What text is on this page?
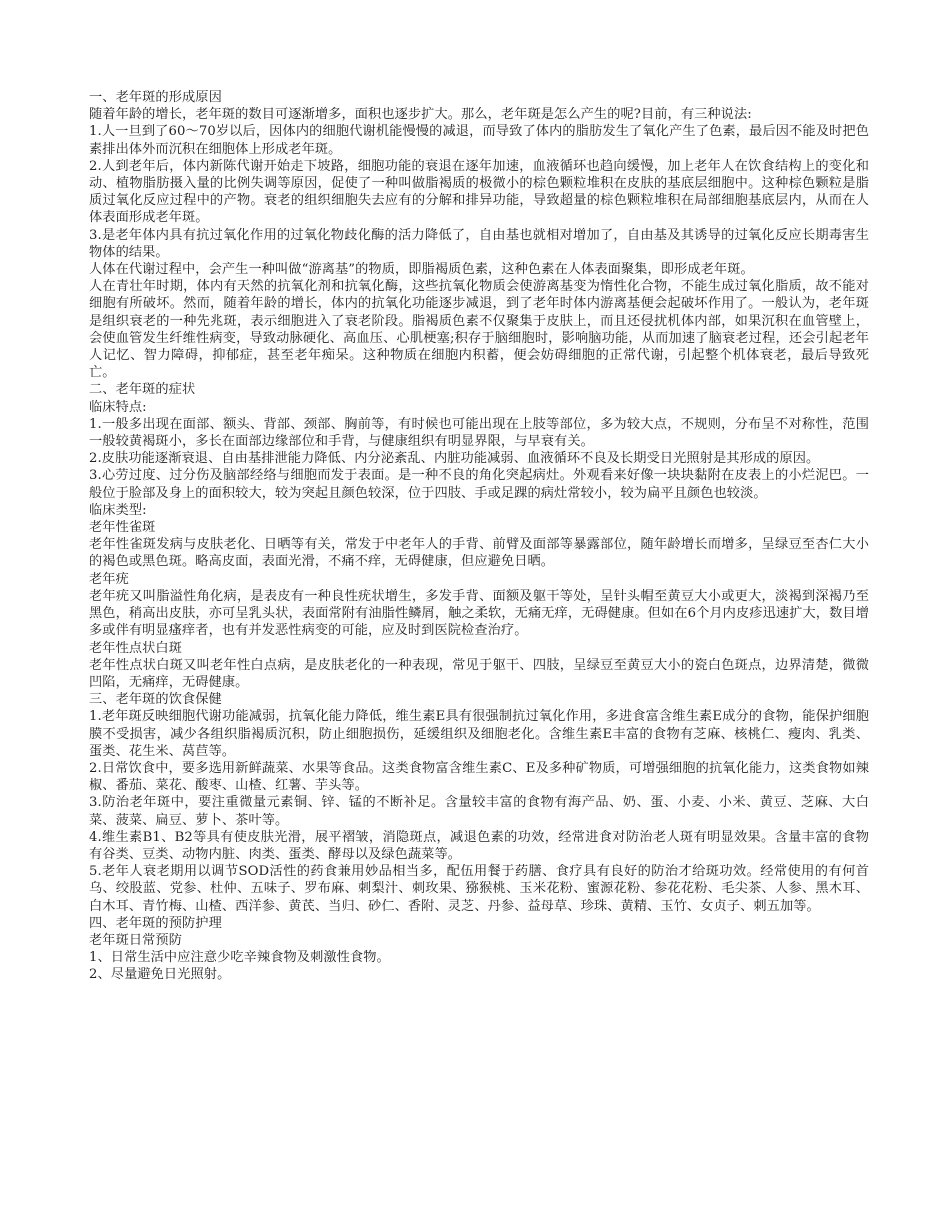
一、老年斑的形成原因

随着年龄的增长，老年斑的数目可逐渐增多，面积也逐步扩大。那么，老年斑是怎么产生的呢?目前，有三种说法:

1.人一旦到了60～70岁以后，因体内的细胞代谢机能慢慢的减退，而导致了体内的脂肪发生了氧化产生了色素，最后因不能及时把色素排出体外而沉积在细胞体上形成老年斑。

2.人到老年后，体内新陈代谢开始走下坡路，细胞功能的衰退在逐年加速，血液循环也趋向缓慢，加上老年人在饮食结构上的变化和动、植物脂肪摄入量的比例失调等原因，促使了一种叫做脂褐质的极微小的棕色颗粒堆积在皮肤的基底层细胞中。这种棕色颗粒是脂质过氧化反应过程中的产物。衰老的组织细胞失去应有的分解和排异功能，导致超量的棕色颗粒堆积在局部细胞基底层内，从而在人体表面形成老年斑。

3.是老年体内具有抗过氧化作用的过氧化物歧化酶的活力降低了，自由基也就相对增加了，自由基及其诱导的过氧化反应长期毒害生物体的结果。

人体在代谢过程中，会产生一种叫做“游离基”的物质，即脂褐质色素，这种色素在人体表面聚集，即形成老年斑。

人在青壮年时期，体内有天然的抗氧化剂和抗氧化酶，这些抗氧化物质会使游离基变为惰性化合物，不能生成过氧化脂质，故不能对细胞有所破坏。然而，随着年龄的增长，体内的抗氧化功能逐步减退，到了老年时体内游离基便会起破坏作用了。一般认为，老年斑是组织衰老的一种先兆斑，表示细胞进入了衰老阶段。脂褐质色素不仅聚集于皮肤上，而且还侵扰机体内部，如果沉积在血管壁上，会使血管发生纤维性病变，导致动脉硬化、高血压、心肌梗塞;积存于脑细胞时，影响脑功能，从而加速了脑衰老过程，还会引起老年人记忆、智力障碍，抑郁症，甚至老年痴呆。这种物质在细胞内积蓄，便会妨碍细胞的正常代谢，引起整个机体衰老，最后导致死亡。

二、老年斑的症状

临床特点:

1.一般多出现在面部、额头、背部、颈部、胸前等，有时候也可能出现在上肢等部位，多为较大点，不规则，分布呈不对称性，范围一般较黄褐斑小，多长在面部边缘部位和手背，与健康组织有明显界限，与早衰有关。

2.皮肤功能逐渐衰退、自由基排泄能力降低、内分泌紊乱、内脏功能减弱、血液循环不良及长期受日光照射是其形成的原因。

3.心劳过度、过分伤及脑部经络与细胞而发于表面。是一种不良的角化突起病灶。外观看来好像一块块黏附在皮表上的小烂泥巴。一般位于脸部及身上的面积较大，较为突起且颜色较深，位于四肢、手或足踝的病灶常较小，较为扁平且颜色也较淡。

临床类型:

老年性雀斑

老年性雀斑发病与皮肤老化、日晒等有关，常发于中老年人的手背、前臂及面部等暴露部位，随年龄增长而增多，呈绿豆至杏仁大小的褐色或黑色斑。略高皮面，表面光滑，不痛不痒，无碍健康，但应避免日晒。

老年疣

老年疣又叫脂溢性角化病，是表皮有一种良性疣状增生，多发手背、面额及躯干等处，呈针头帽至黄豆大小或更大，淡褐到深褐乃至黑色，稍高出皮肤，亦可呈乳头状，表面常附有油脂性鳞屑，触之柔软，无痛无痒，无碍健康。但如在6个月内皮疹迅速扩大，数目增多或伴有明显瘙痒者，也有并发恶性病变的可能，应及时到医院检查治疗。

老年性点状白斑

老年性点状白斑又叫老年性白点病，是皮肤老化的一种表现，常见于躯干、四肢，呈绿豆至黄豆大小的瓷白色斑点，边界清楚，微微凹陷，无痛痒，无碍健康。

三、老年斑的饮食保健

1.老年斑反映细胞代谢功能减弱，抗氧化能力降低，维生素E具有很强制抗过氧化作用，多进食富含维生素E成分的食物，能保护细胞膜不受损害，减少各组织脂褐质沉积，防止细胞损伤，延缓组织及细胞老化。含维生素E丰富的食物有芝麻、核桃仁、瘦肉、乳类、蛋类、花生米、莴苣等。

2.日常饮食中，要多选用新鲜蔬菜、水果等食品。这类食物富含维生素C、E及多种矿物质，可增强细胞的抗氧化能力，这类食物如辣椒、番茄、菜花、酸枣、山楂、红薯、芋头等。

3.防治老年斑中，要注重微量元素铜、锌、锰的不断补足。含量较丰富的食物有海产品、奶、蛋、小麦、小米、黄豆、芝麻、大白菜、菠菜、扁豆、萝卜、茶叶等。

4.维生素B1、B2等具有使皮肤光滑，展平褶皱，消隐斑点，减退色素的功效，经常进食对防治老人斑有明显效果。含量丰富的食物有谷类、豆类、动物内脏、肉类、蛋类、酵母以及绿色蔬菜等。

5.老年人衰老期用以调节SOD活性的药食兼用妙品相当多，配伍用餐于药膳、食疗具有良好的防治才给斑功效。经常使用的有何首乌、绞股蓝、党参、杜仲、五味子、罗布麻、刺梨汁、刺玫果、猕猴桃、玉米花粉、蜜源花粉、参花花粉、毛尖茶、人参、黑木耳、白木耳、青竹梅、山楂、西洋参、黄芪、当归、砂仁、香附、灵芝、丹参、益母草、珍珠、黄精、玉竹、女贞子、刺五加等。

四、老年斑的预防护理

老年斑日常预防

1、日常生活中应注意少吃辛辣食物及刺激性食物。

2、尽量避免日光照射。
